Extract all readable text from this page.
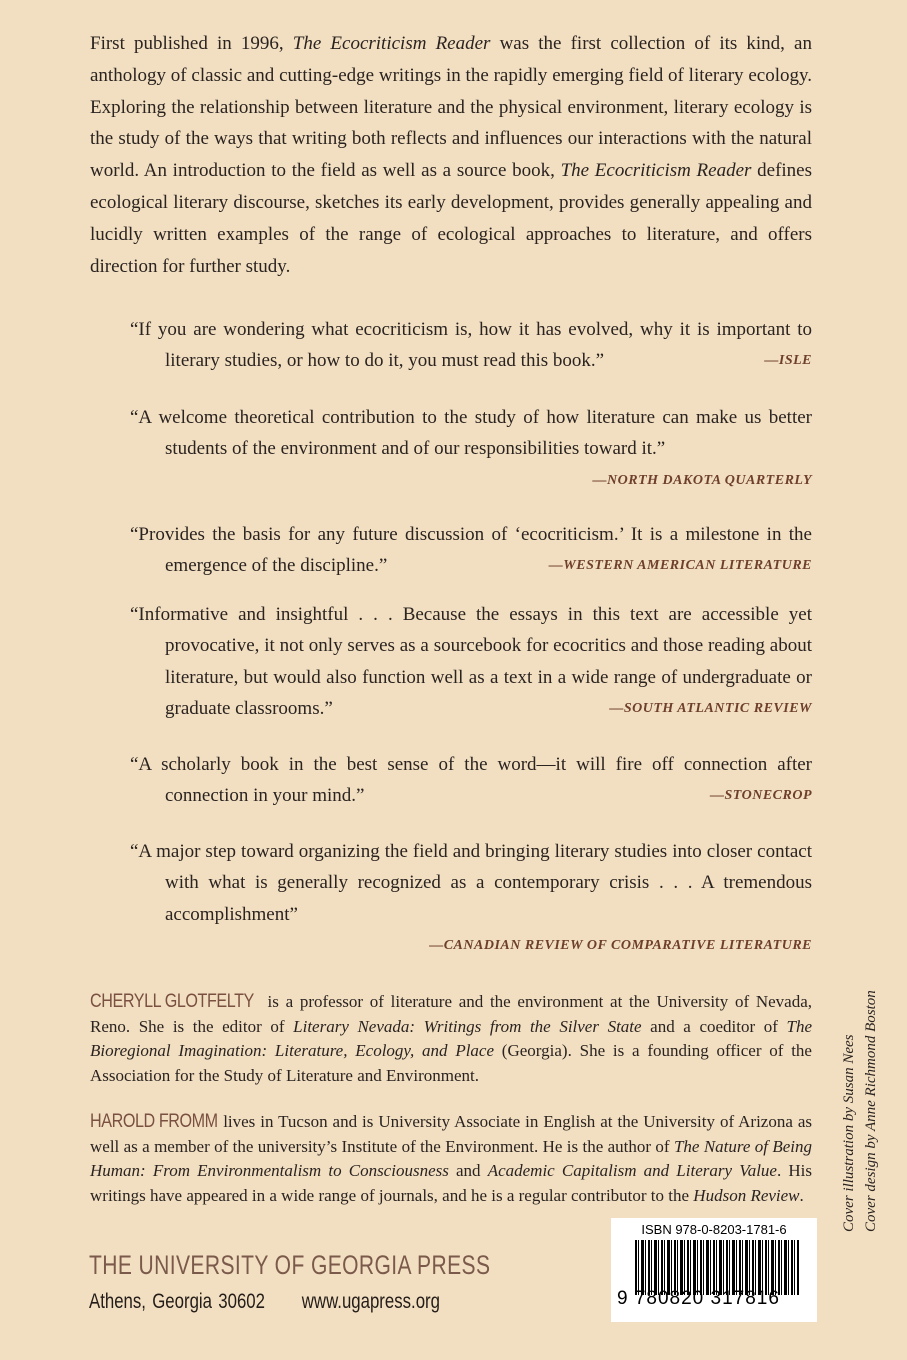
First published in 1996, The Ecocriticism Reader was the first collection of its kind, an anthology of classic and cutting-edge writings in the rapidly emerging field of literary ecology. Exploring the relationship between literature and the physical environment, literary ecology is the study of the ways that writing both reflects and influences our interactions with the natural world. An introduction to the field as well as a source book, The Ecocriticism Reader defines ecological literary discourse, sketches its early development, provides generally appealing and lucidly written examples of the range of ecological approaches to literature, and offers direction for further study.
“If you are wondering what ecocriticism is, how it has evolved, why it is important to literary studies, or how to do it, you must read this book.”	—ISLE
“A welcome theoretical contribution to the study of how literature can make us better students of the environment and of our responsibilities toward it.”
—NORTH DAKOTA QUARTERLY
“Provides the basis for any future discussion of ‘ecocriticism.’ It is a milestone in the emergence of the discipline.”	—WESTERN AMERICAN LITERATURE
“Informative and insightful . . . Because the essays in this text are accessible yet provocative, it not only serves as a sourcebook for ecocritics and those reading about literature, but would also function well as a text in a wide range of undergraduate or graduate classrooms.”	—SOUTH ATLANTIC REVIEW
“A scholarly book in the best sense of the word—it will fire off connection after connection in your mind.”	—STONECROP
“A major step toward organizing the field and bringing literary studies into closer contact with what is generally recognized as a contemporary crisis . . . A tremendous accomplishment”
—CANADIAN REVIEW OF COMPARATIVE LITERATURE
CHERYLL GLOTFELTY is a professor of literature and the environment at the University of Nevada, Reno. She is the editor of Literary Nevada: Writings from the Silver State and a coeditor of The Bioregional Imagination: Literature, Ecology, and Place (Georgia). She is a founding officer of the Association for the Study of Literature and Environment.
HAROLD FROMM lives in Tucson and is University Associate in English at the University of Arizona as well as a member of the university’s Institute of the Environment. He is the author of The Nature of Being Human: From Environmentalism to Consciousness and Academic Capitalism and Literary Value. His writings have appeared in a wide range of journals, and he is a regular contributor to the Hudson Review.
THE UNIVERSITY OF GEORGIA PRESS
Athens, Georgia 30602 www.ugapress.org
Cover illustration by Susan Nees Cover design by Anne Richmond Boston
ISBN 978-0-8203-1781-6
9 780820 317816
